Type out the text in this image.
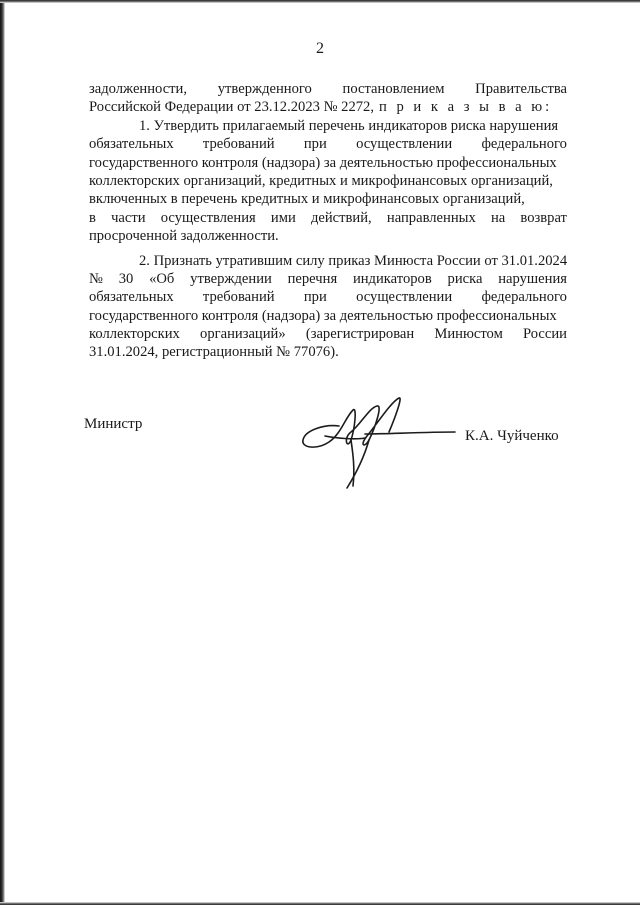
2
задолженности, утвержденного постановлением Правительства
Российской Федерации от 23.12.2023 № 2272, п р и к а з ы в а ю:
1. Утвердить прилагаемый перечень индикаторов риска нарушения
обязательных требований при осуществлении федерального
государственного контроля (надзора) за деятельностью профессиональных
коллекторских организаций, кредитных и микрофинансовых организаций,
включенных в перечень кредитных и микрофинансовых организаций,
в части осуществления ими действий, направленных на возврат
просроченной задолженности.
2. Признать утратившим силу приказ Минюста России от 31.01.2024
№ 30 «Об утверждении перечня индикаторов риска нарушения
обязательных требований при осуществлении федерального
государственного контроля (надзора) за деятельностью профессиональных
коллекторских организаций» (зарегистрирован Минюстом России
31.01.2024, регистрационный № 77076).
Министр
К.А. Чуйченко
